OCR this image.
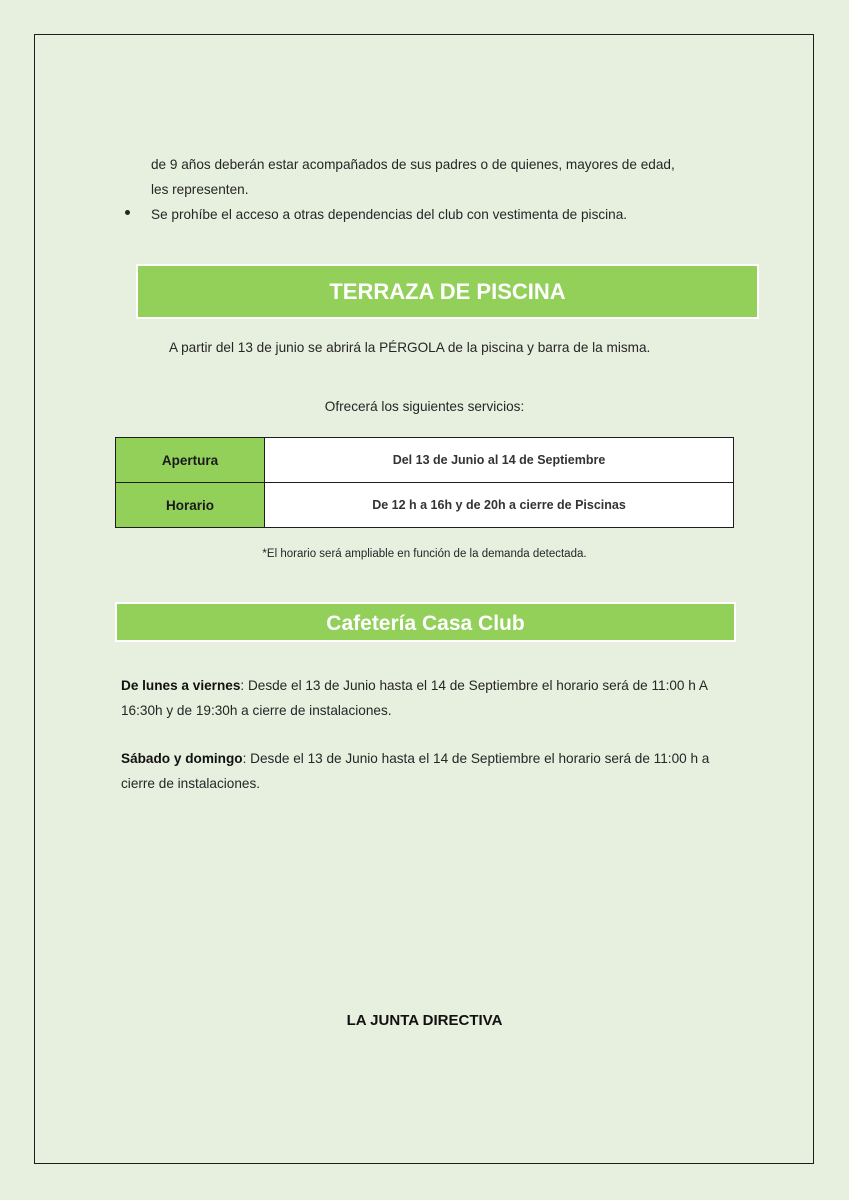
de 9 años deberán estar acompañados de sus padres o de quienes, mayores de edad,
les representen.
Se prohíbe el acceso a otras dependencias del club con vestimenta de piscina.
TERRAZA DE PISCINA
A partir del 13 de junio se abrirá la PÉRGOLA de la piscina y barra de la misma.
Ofrecerá los siguientes servicios:
Apertura	Del 13 de Junio al 14 de Septiembre
Horario	De 12 h a 16h y de 20h a cierre de Piscinas
*El horario será ampliable en función de la demanda detectada.
Cafetería Casa Club
De lunes a viernes: Desde el 13 de Junio hasta el 14 de Septiembre el horario será de 11:00 h A 16:30h y de 19:30h a cierre de instalaciones.
Sábado y domingo: Desde el 13 de Junio hasta el 14 de Septiembre el horario será de 11:00 h a cierre de instalaciones.
LA JUNTA DIRECTIVA
